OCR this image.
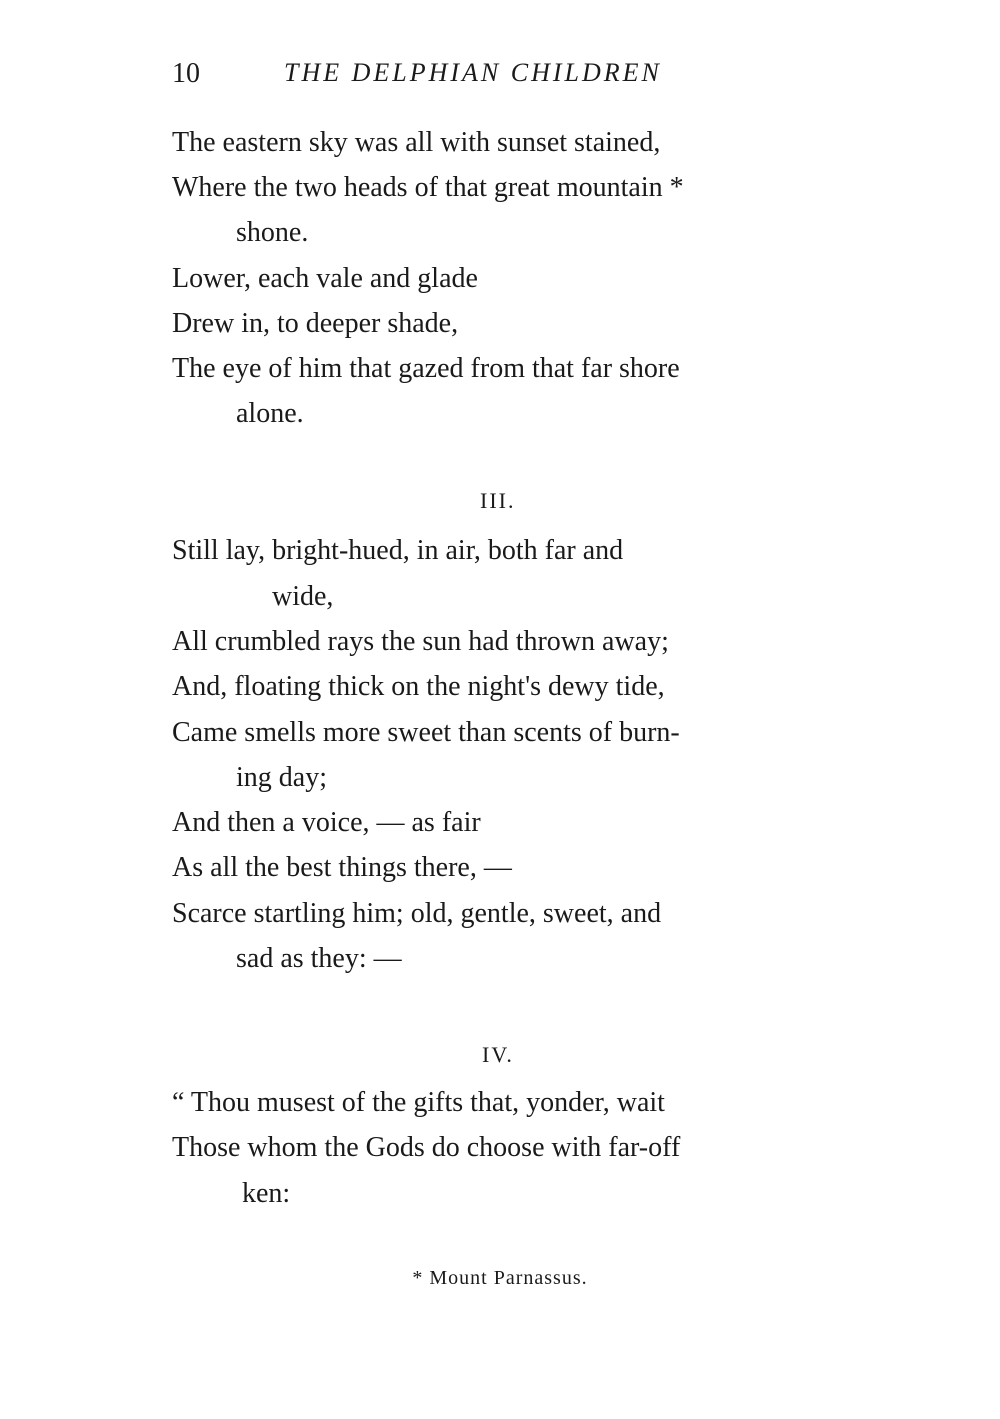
10	THE DELPHIAN CHILDREN
The eastern sky was all with sunset stained,
Where the two heads of that great mountain *
shone.
Lower, each vale and glade
Drew in, to deeper shade,
The eye of him that gazed from that far shore
alone.
III.
Still lay, bright-hued, in air, both far and
wide,
All crumbled rays the sun had thrown away;
And, floating thick on the night's dewy tide,
Came smells more sweet than scents of burn-
ing day;
And then a voice, — as fair
As all the best things there, —
Scarce startling him; old, gentle, sweet, and
sad as they: —
IV.
“ Thou musest of the gifts that, yonder, wait
Those whom the Gods do choose with far-off
ken:
* Mount Parnassus.
